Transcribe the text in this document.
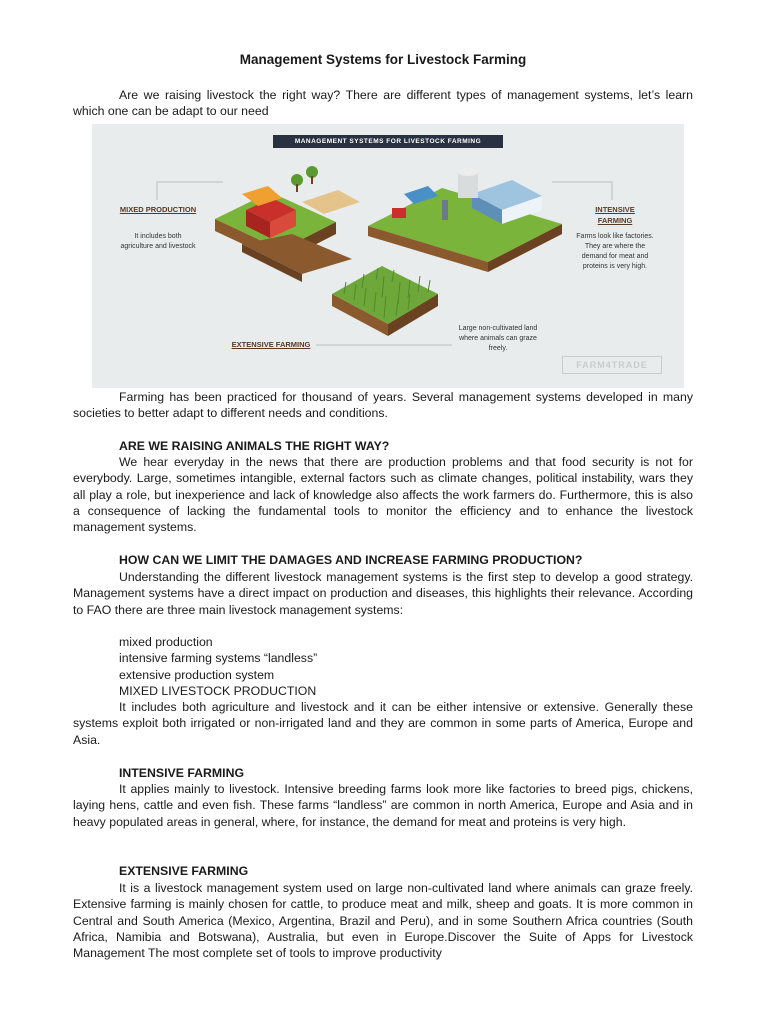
Management Systems for Livestock Farming

Are we raising livestock the right way? There are different types of management systems, let’s learn which one can be adapt to our need

MANAGEMENT SYSTEMS FOR LIVESTOCK FARMING
MIXED PRODUCTION
It includes both agriculture and livestock
INTENSIVE FARMING
Farms look like factories. They are where the demand for meat and proteins is very high.
EXTENSIVE FARMING
Large non-cultivated land where animals can graze freely.
FARM4TRADE

Farming has been practiced for thousand of years. Several management systems developed in many societies to better adapt to different needs and conditions.

ARE WE RAISING ANIMALS THE RIGHT WAY?

We hear everyday in the news that there are production problems and that food security is not for everybody. Large, sometimes intangible, external factors such as climate changes, political instability, wars they all play a role, but inexperience and lack of knowledge also affects the work farmers do. Furthermore, this is also a consequence of lacking the fundamental tools to monitor the efficiency and to enhance the livestock management systems.

HOW CAN WE LIMIT THE DAMAGES AND INCREASE FARMING PRODUCTION?

Understanding the different livestock management systems is the first step to develop a good strategy. Management systems have a direct impact on production and diseases, this highlights their relevance. According to FAO there are three main livestock management systems:

mixed production

intensive farming systems “landless”

extensive production system

MIXED LIVESTOCK PRODUCTION

It includes both agriculture and livestock and it can be either intensive or extensive. Generally these systems exploit both irrigated or non-irrigated land and they are common in some parts of America, Europe and Asia.

INTENSIVE FARMING

It applies mainly to livestock. Intensive breeding farms look more like factories to breed pigs, chickens, laying hens, cattle and even fish. These farms “landless” are common in north America, Europe and Asia and in heavy populated areas in general, where, for instance, the demand for meat and proteins is very high.

EXTENSIVE FARMING

It is a livestock management system used on large non-cultivated land where animals can graze freely. Extensive farming is mainly chosen for cattle, to produce meat and milk, sheep and goats. It is more common in Central and South America (Mexico, Argentina, Brazil and Peru), and in some Southern Africa countries (South Africa, Namibia and Botswana), Australia, but even in Europe.Discover the Suite of Apps for Livestock Management The most complete set of tools to improve productivity
